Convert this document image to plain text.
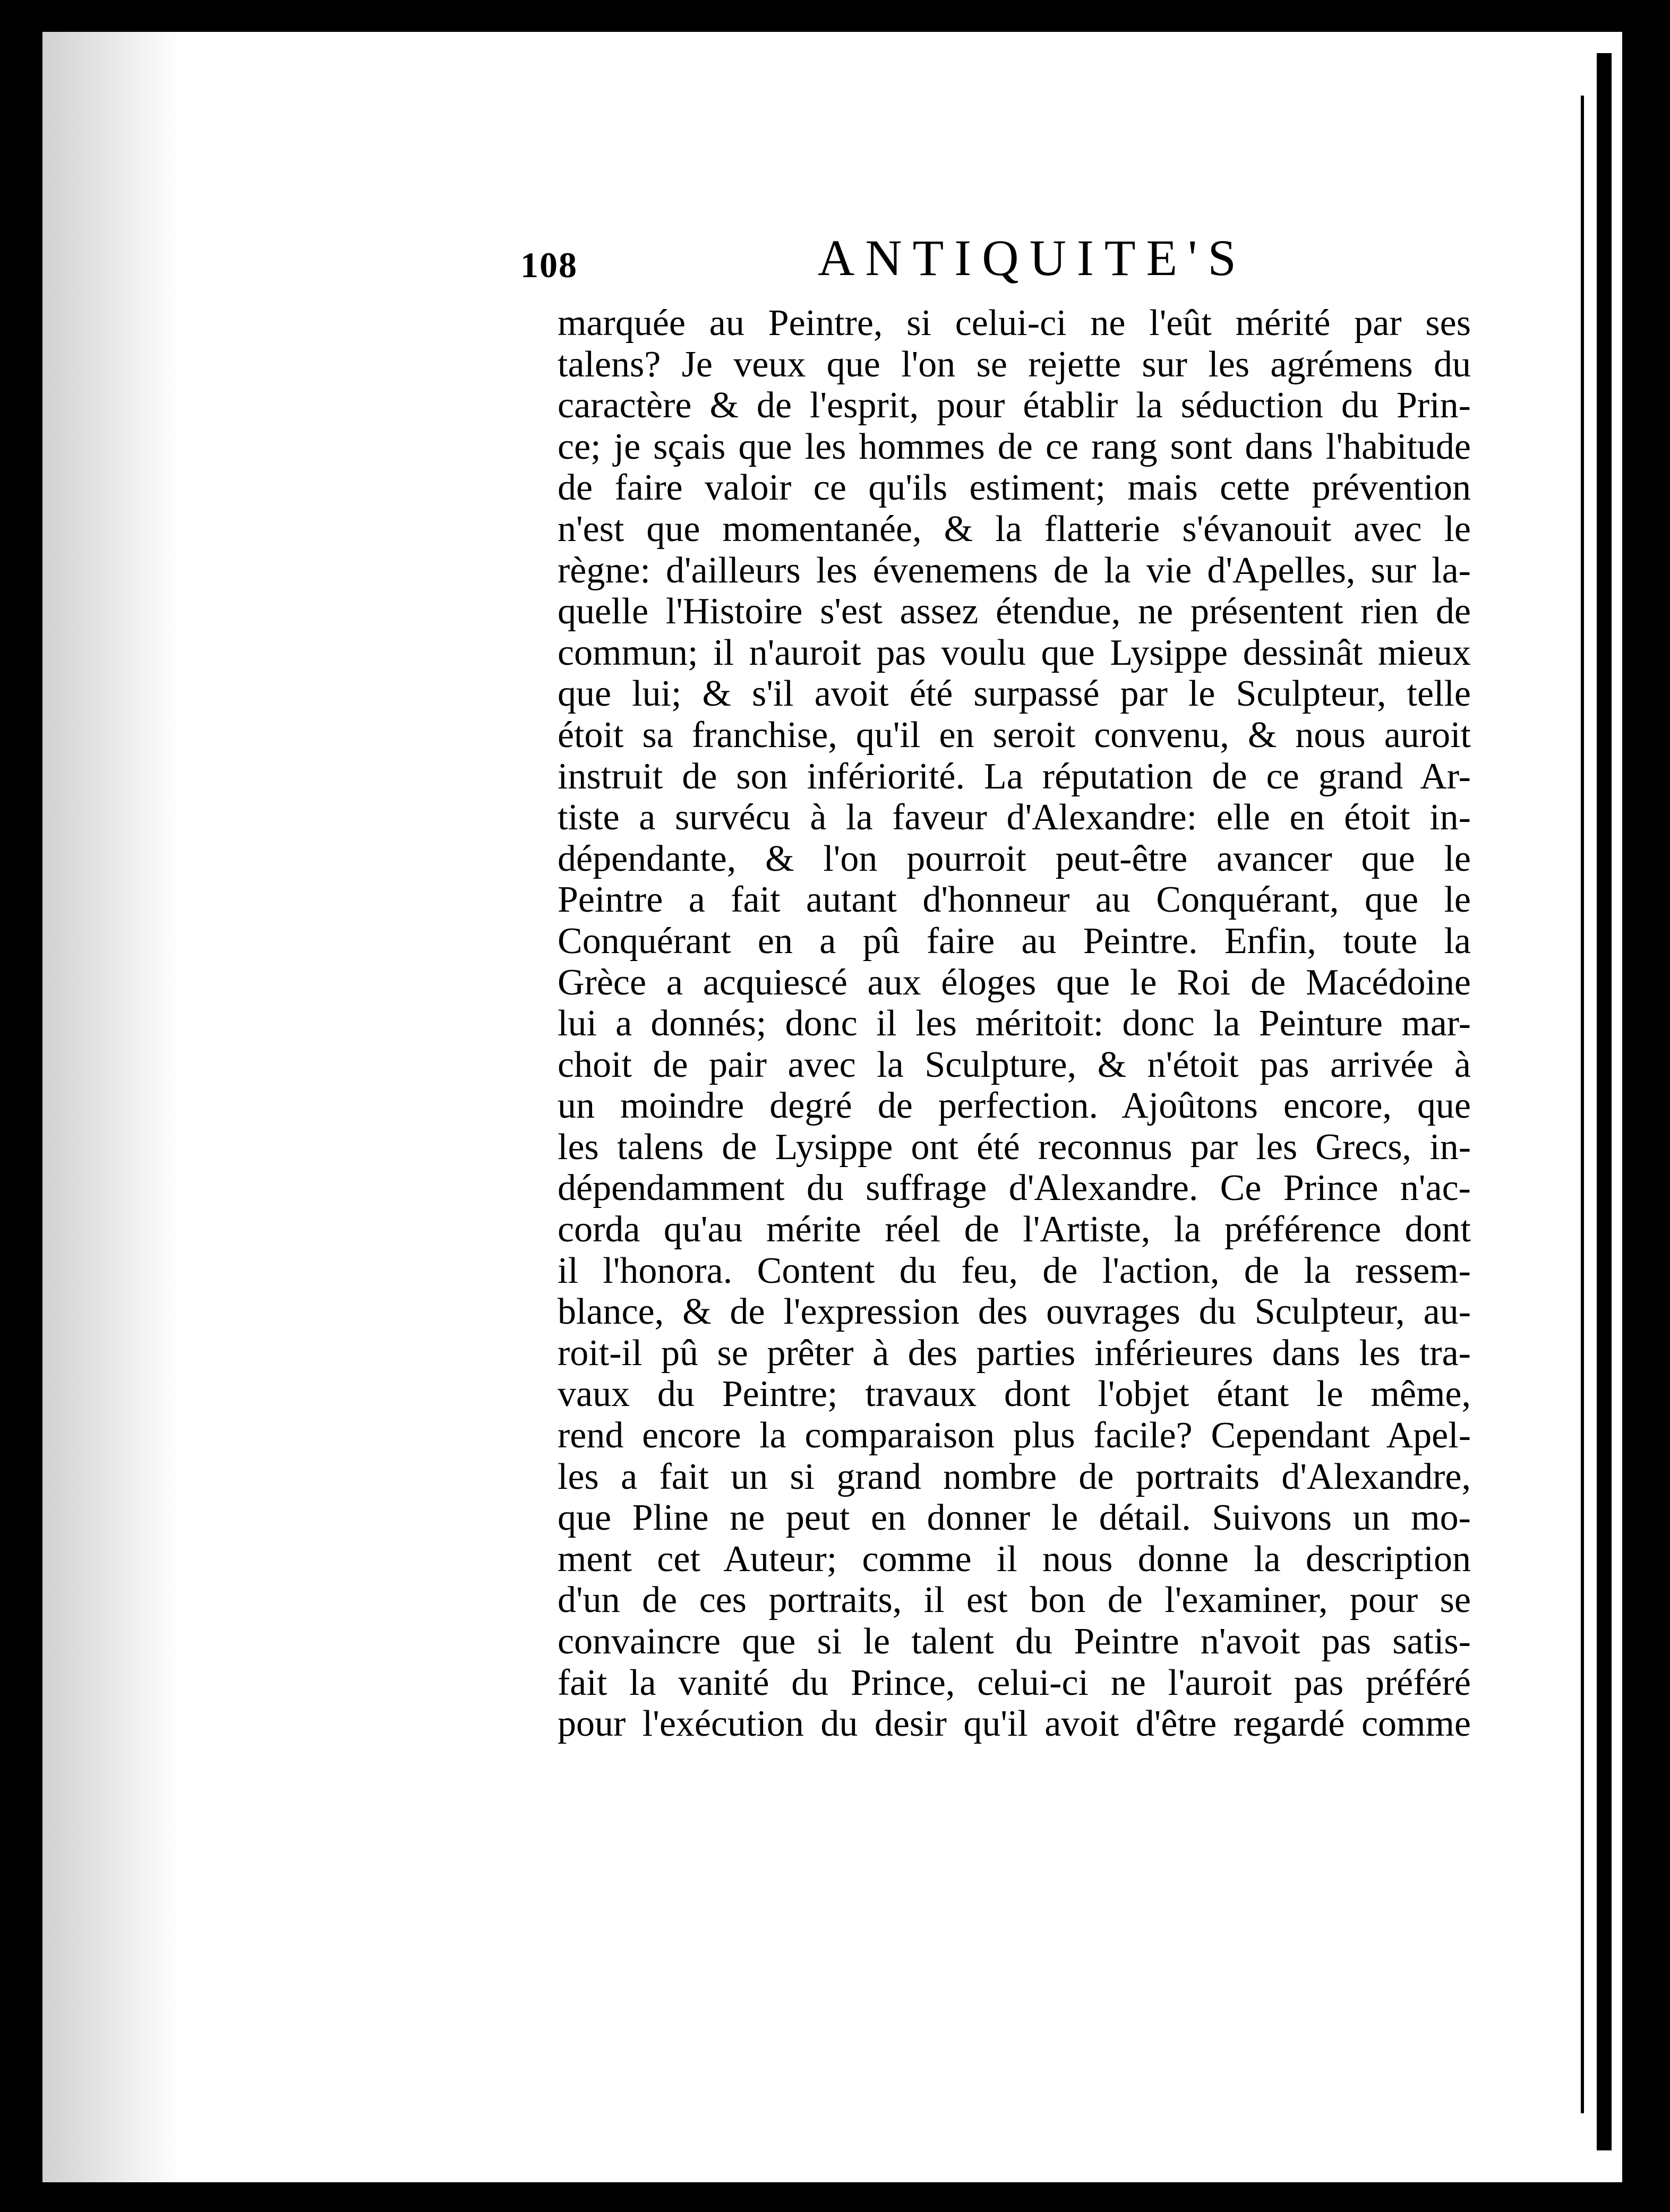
108	ANTIQUITE'S
marquée au Peintre, si celui-ci ne l'eût mérité par ses
talens? Je veux que l'on se rejette sur les agrémens du
caractère & de l'esprit, pour établir la séduction du Prin-
ce; je sçais que les hommes de ce rang sont dans l'habitude
de faire valoir ce qu'ils estiment; mais cette prévention
n'est que momentanée, & la flatterie s'évanouit avec le
règne: d'ailleurs les évenemens de la vie d'Apelles, sur la-
quelle l'Histoire s'est assez étendue, ne présentent rien de
commun; il n'auroit pas voulu que Lysippe dessinât mieux
que lui; & s'il avoit été surpassé par le Sculpteur, telle
étoit sa franchise, qu'il en seroit convenu, & nous auroit
instruit de son infériorité. La réputation de ce grand Ar-
tiste a survécu à la faveur d'Alexandre: elle en étoit in-
dépendante, & l'on pourroit peut-être avancer que le
Peintre a fait autant d'honneur au Conquérant, que le
Conquérant en a pû faire au Peintre. Enfin, toute la
Grèce a acquiescé aux éloges que le Roi de Macédoine
lui a donnés; donc il les méritoit: donc la Peinture mar-
choit de pair avec la Sculpture, & n'étoit pas arrivée à
un moindre degré de perfection. Ajoûtons encore, que
les talens de Lysippe ont été reconnus par les Grecs, in-
dépendamment du suffrage d'Alexandre. Ce Prince n'ac-
corda qu'au mérite réel de l'Artiste, la préférence dont
il l'honora. Content du feu, de l'action, de la ressem-
blance, & de l'expression des ouvrages du Sculpteur, au-
roit-il pû se prêter à des parties inférieures dans les tra-
vaux du Peintre; travaux dont l'objet étant le même,
rend encore la comparaison plus facile? Cependant Apel-
les a fait un si grand nombre de portraits d'Alexandre,
que Pline ne peut en donner le détail. Suivons un mo-
ment cet Auteur; comme il nous donne la description
d'un de ces portraits, il est bon de l'examiner, pour se
convaincre que si le talent du Peintre n'avoit pas satis-
fait la vanité du Prince, celui-ci ne l'auroit pas préféré
pour l'exécution du desir qu'il avoit d'être regardé comme
